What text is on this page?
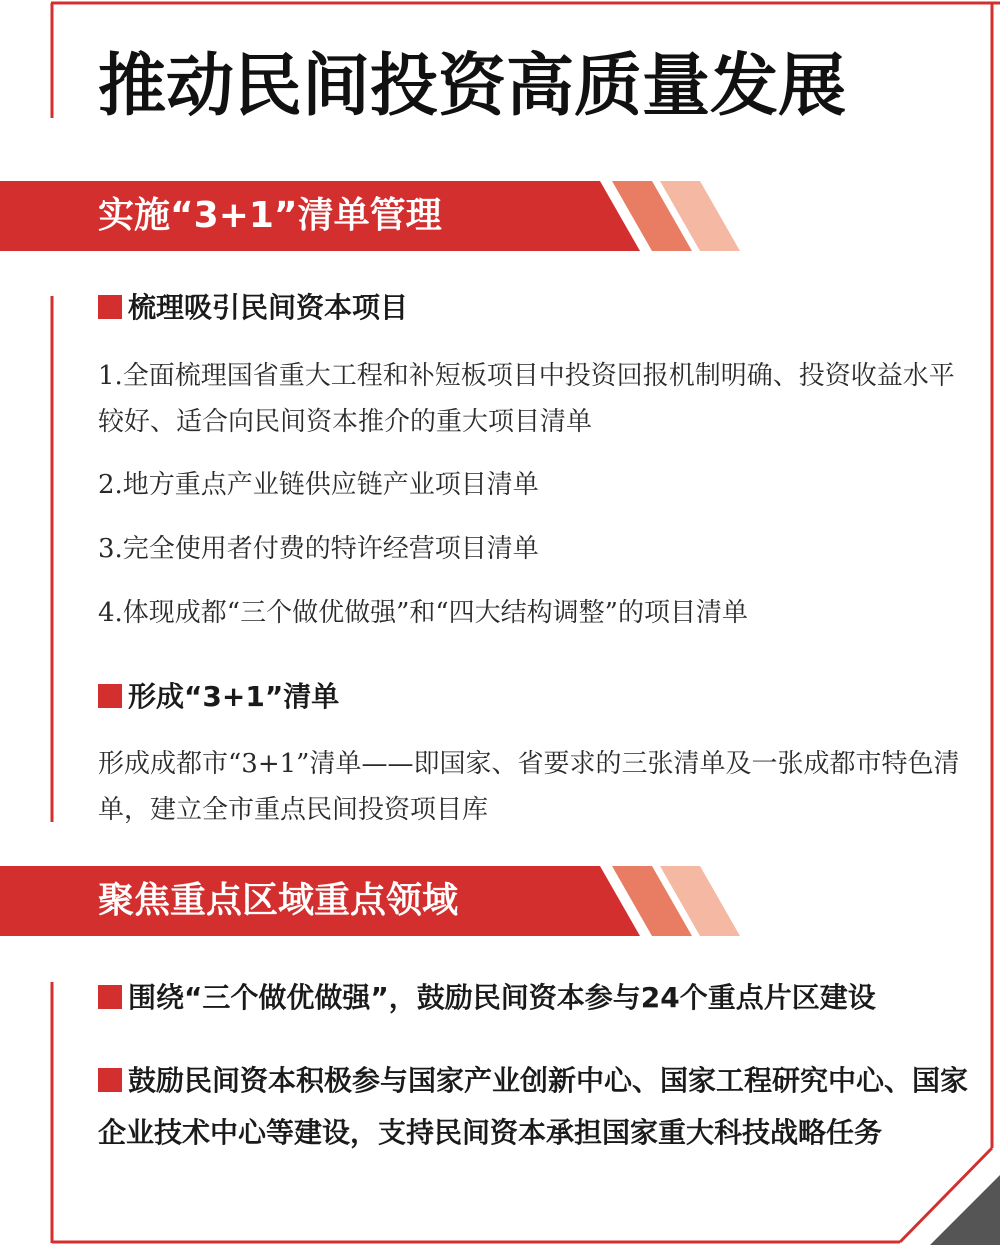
推动民间投资高质量发展
实施“3+1”清单管理
梳理吸引民间资本项目
1.全面梳理国省重大工程和补短板项目中投资回报机制明确、投资收益水平较好、适合向民间资本推介的重大项目清单
2.地方重点产业链供应链产业项目清单
3.完全使用者付费的特许经营项目清单
4.体现成都“三个做优做强”和“四大结构调整”的项目清单
形成“3+1”清单
形成成都市“3+1”清单——即国家、省要求的三张清单及一张成都市特色清单，建立全市重点民间投资项目库
聚焦重点区域重点领域
围绕“三个做优做强”，鼓励民间资本参与24个重点片区建设
鼓励民间资本积极参与国家产业创新中心、国家工程研究中心、国家企业技术中心等建设，支持民间资本承担国家重大科技战略任务
